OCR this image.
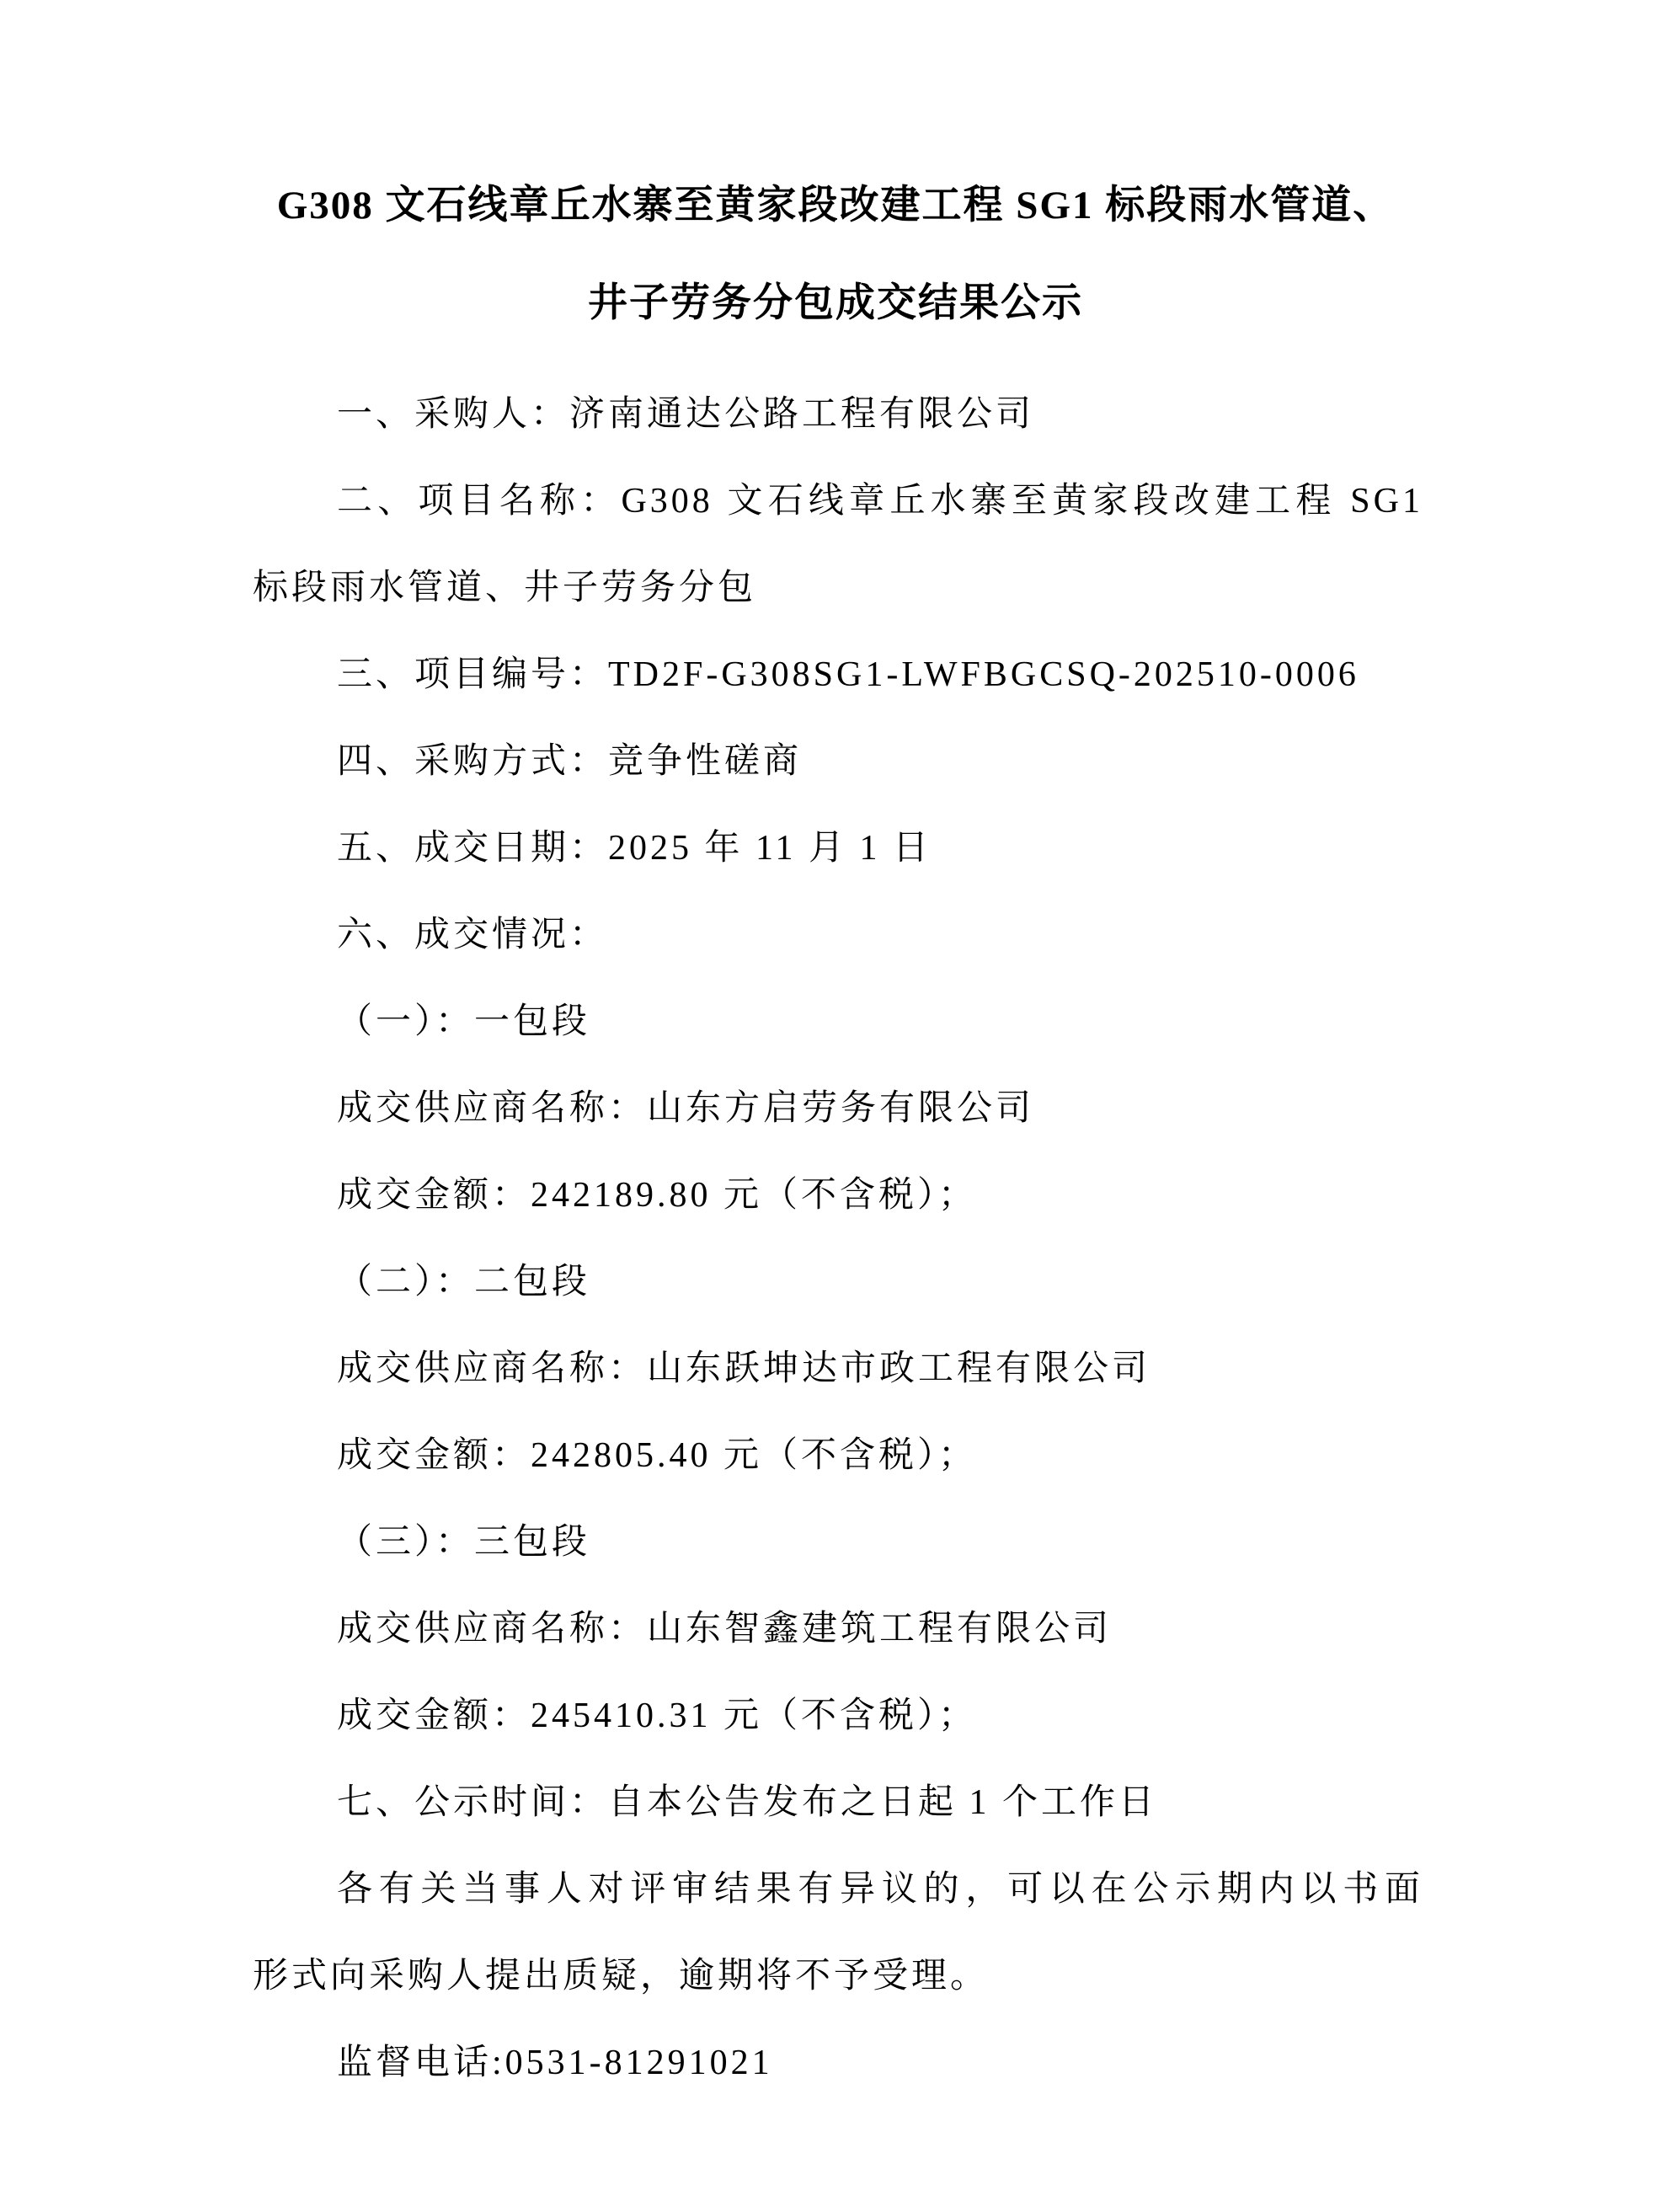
G308 文石线章丘水寨至黄家段改建工程 SG1 标段雨水管道、
井子劳务分包成交结果公示
一、采购人：济南通达公路工程有限公司
二、项目名称：G308 文石线章丘水寨至黄家段改建工程 SG1
标段雨水管道、井子劳务分包
三、项目编号：TD2F-G308SG1-LWFBGCSQ-202510-0006
四、采购方式：竞争性磋商
五、成交日期：2025 年 11 月 1 日
六、成交情况：
（一）：一包段
成交供应商名称：山东方启劳务有限公司
成交金额：242189.80 元（不含税）；
（二）：二包段
成交供应商名称：山东跃坤达市政工程有限公司
成交金额：242805.40 元（不含税）；
（三）：三包段
成交供应商名称：山东智鑫建筑工程有限公司
成交金额：245410.31 元（不含税）；
七、公示时间：自本公告发布之日起 1 个工作日
各有关当事人对评审结果有异议的，可以在公示期内以书面
形式向采购人提出质疑，逾期将不予受理。
监督电话:0531-81291021
